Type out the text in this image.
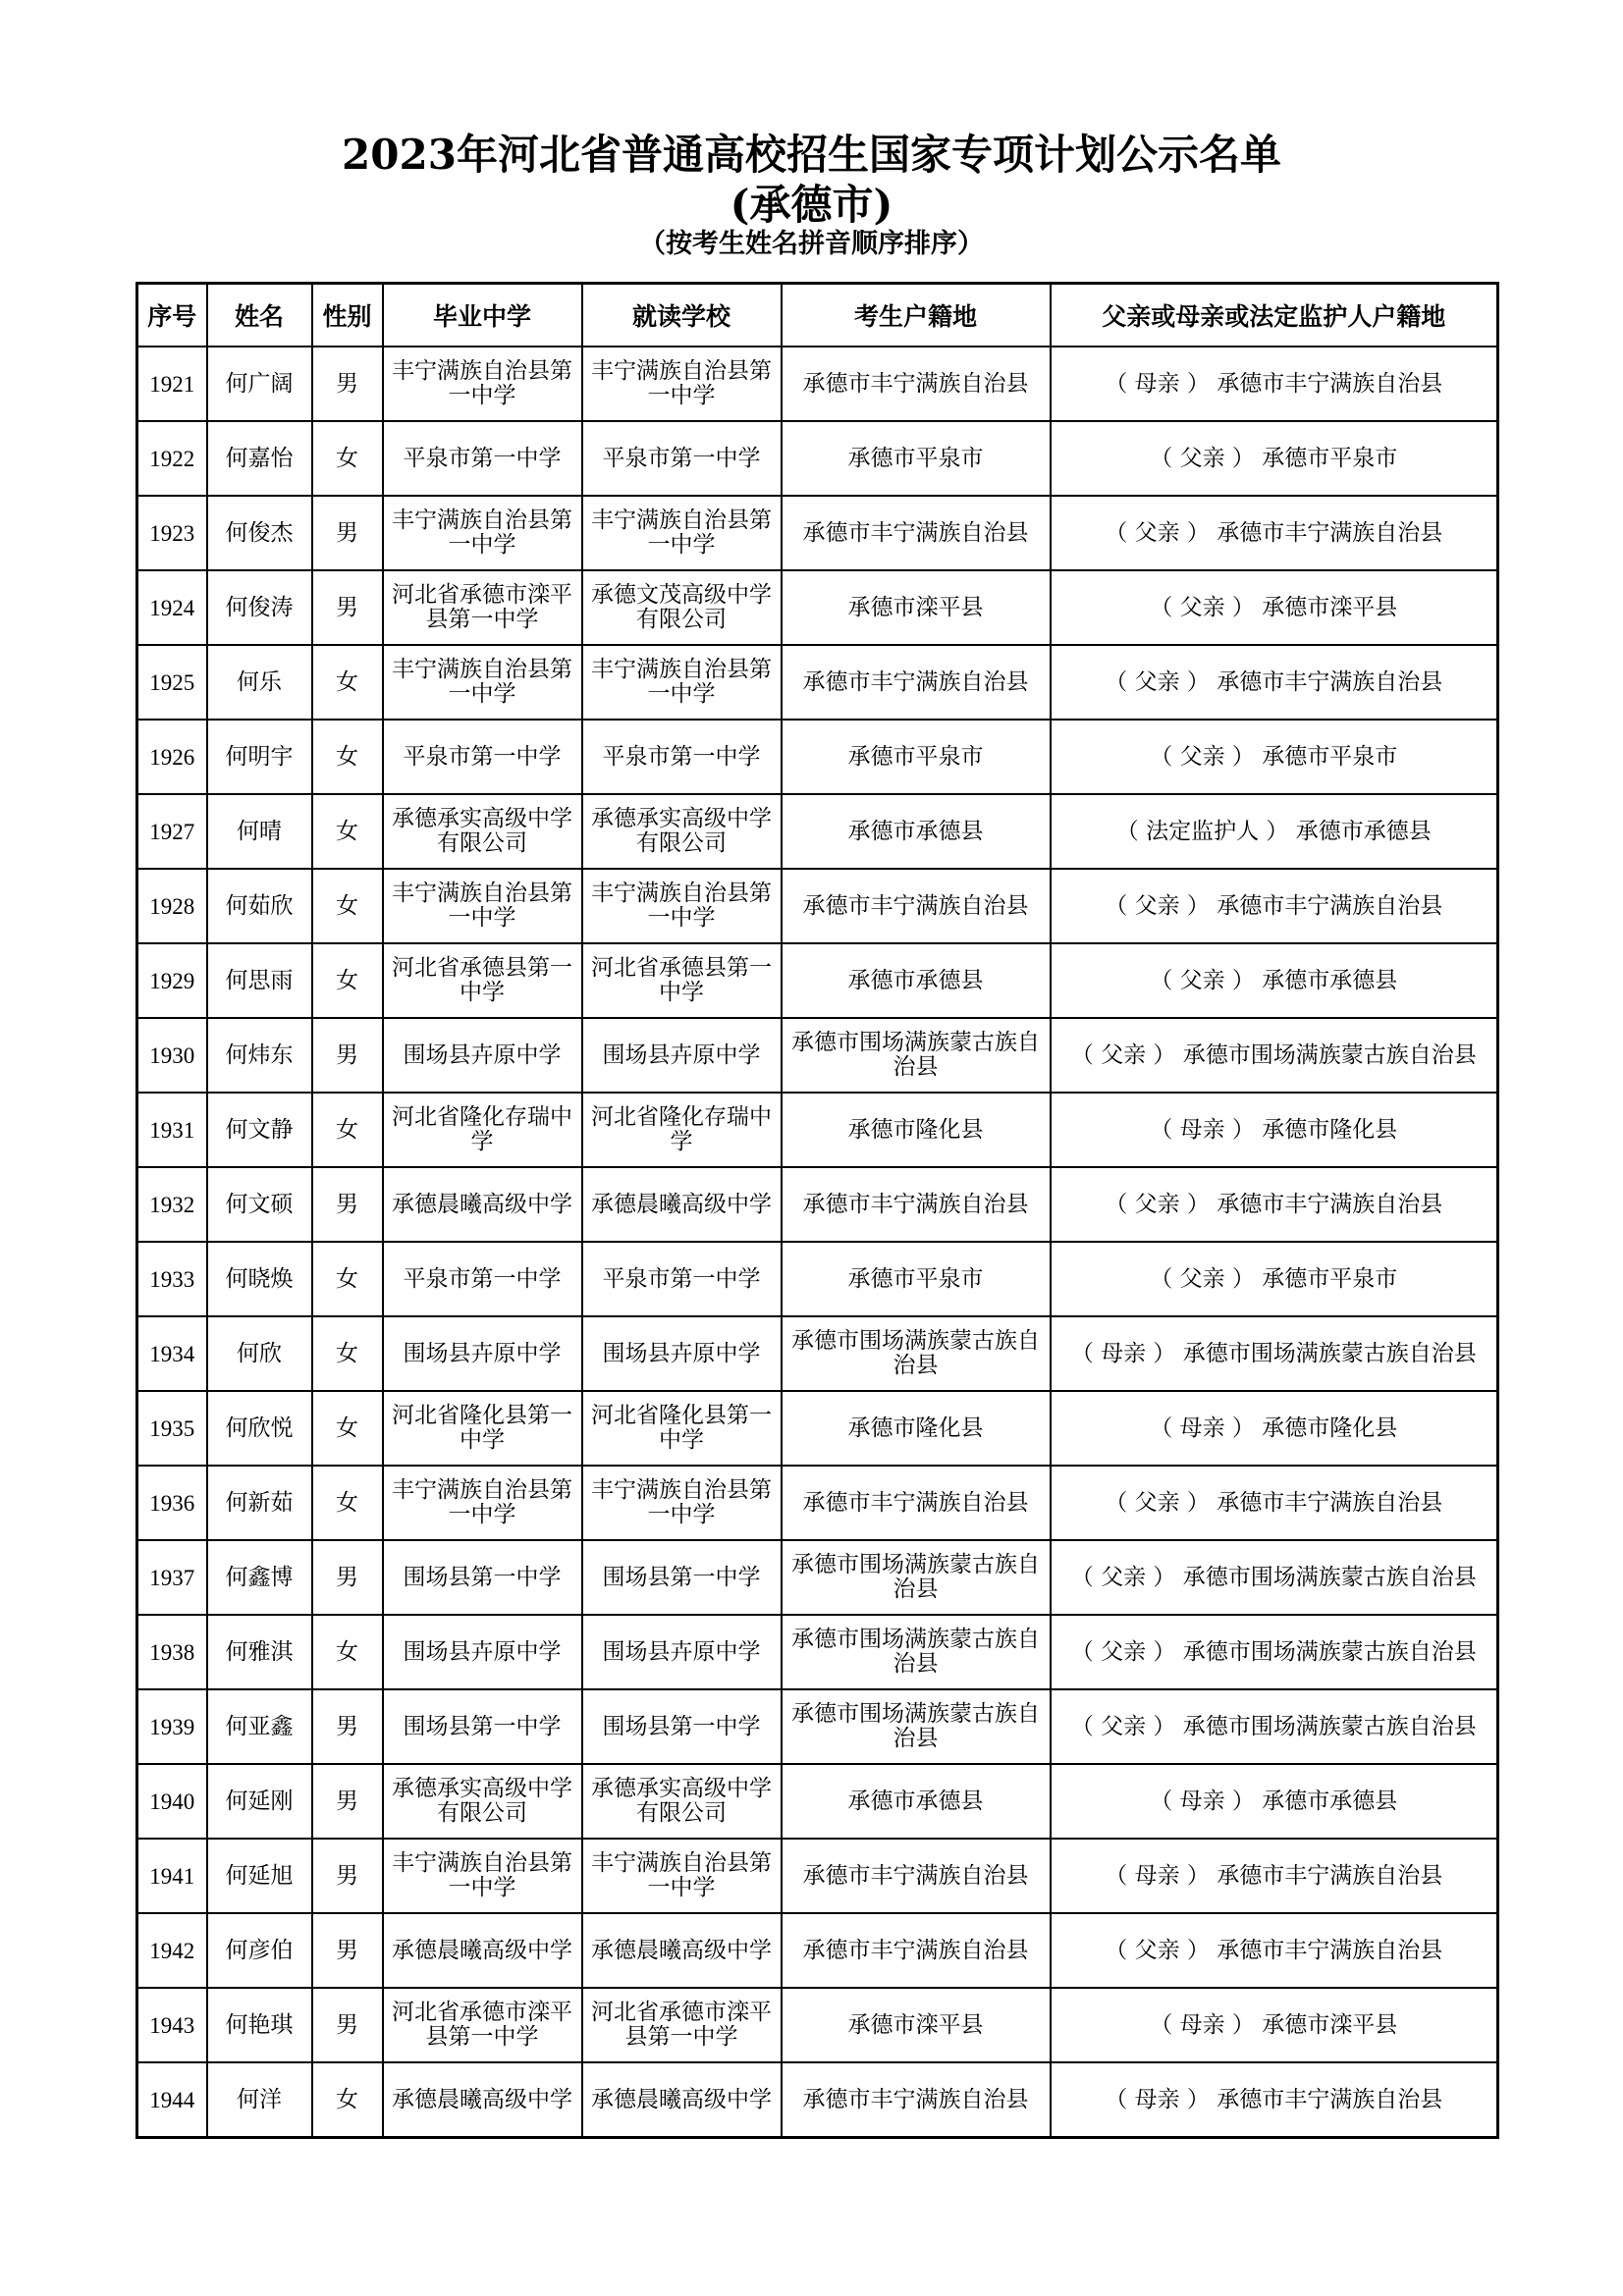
2023年河北省普通高校招生国家专项计划公示名单
(承德市)
（按考生姓名拼音顺序排序）
序号	姓名	性别	毕业中学	就读学校	考生户籍地	父亲或母亲或法定监护人户籍地
1921	何广阔	男	丰宁满族自治县第一中学	丰宁满族自治县第一中学	承德市丰宁满族自治县	（ 母亲 ） 承德市丰宁满族自治县
1922	何嘉怡	女	平泉市第一中学	平泉市第一中学	承德市平泉市	（ 父亲 ） 承德市平泉市
1923	何俊杰	男	丰宁满族自治县第一中学	丰宁满族自治县第一中学	承德市丰宁满族自治县	（ 父亲 ） 承德市丰宁满族自治县
1924	何俊涛	男	河北省承德市滦平县第一中学	承德文茂高级中学有限公司	承德市滦平县	（ 父亲 ） 承德市滦平县
1925	何乐	女	丰宁满族自治县第一中学	丰宁满族自治县第一中学	承德市丰宁满族自治县	（ 父亲 ） 承德市丰宁满族自治县
1926	何明宇	女	平泉市第一中学	平泉市第一中学	承德市平泉市	（ 父亲 ） 承德市平泉市
1927	何晴	女	承德承实高级中学有限公司	承德承实高级中学有限公司	承德市承德县	（ 法定监护人 ） 承德市承德县
1928	何茹欣	女	丰宁满族自治县第一中学	丰宁满族自治县第一中学	承德市丰宁满族自治县	（ 父亲 ） 承德市丰宁满族自治县
1929	何思雨	女	河北省承德县第一中学	河北省承德县第一中学	承德市承德县	（ 父亲 ） 承德市承德县
1930	何炜东	男	围场县卉原中学	围场县卉原中学	承德市围场满族蒙古族自治县	（ 父亲 ） 承德市围场满族蒙古族自治县
1931	何文静	女	河北省隆化存瑞中学	河北省隆化存瑞中学	承德市隆化县	（ 母亲 ） 承德市隆化县
1932	何文硕	男	承德晨曦高级中学	承德晨曦高级中学	承德市丰宁满族自治县	（ 父亲 ） 承德市丰宁满族自治县
1933	何晓焕	女	平泉市第一中学	平泉市第一中学	承德市平泉市	（ 父亲 ） 承德市平泉市
1934	何欣	女	围场县卉原中学	围场县卉原中学	承德市围场满族蒙古族自治县	（ 母亲 ） 承德市围场满族蒙古族自治县
1935	何欣悦	女	河北省隆化县第一中学	河北省隆化县第一中学	承德市隆化县	（ 母亲 ） 承德市隆化县
1936	何新茹	女	丰宁满族自治县第一中学	丰宁满族自治县第一中学	承德市丰宁满族自治县	（ 父亲 ） 承德市丰宁满族自治县
1937	何鑫博	男	围场县第一中学	围场县第一中学	承德市围场满族蒙古族自治县	（ 父亲 ） 承德市围场满族蒙古族自治县
1938	何雅淇	女	围场县卉原中学	围场县卉原中学	承德市围场满族蒙古族自治县	（ 父亲 ） 承德市围场满族蒙古族自治县
1939	何亚鑫	男	围场县第一中学	围场县第一中学	承德市围场满族蒙古族自治县	（ 父亲 ） 承德市围场满族蒙古族自治县
1940	何延刚	男	承德承实高级中学有限公司	承德承实高级中学有限公司	承德市承德县	（ 母亲 ） 承德市承德县
1941	何延旭	男	丰宁满族自治县第一中学	丰宁满族自治县第一中学	承德市丰宁满族自治县	（ 母亲 ） 承德市丰宁满族自治县
1942	何彦伯	男	承德晨曦高级中学	承德晨曦高级中学	承德市丰宁满族自治县	（ 父亲 ） 承德市丰宁满族自治县
1943	何艳琪	男	河北省承德市滦平县第一中学	河北省承德市滦平县第一中学	承德市滦平县	（ 母亲 ） 承德市滦平县
1944	何洋	女	承德晨曦高级中学	承德晨曦高级中学	承德市丰宁满族自治县	（ 母亲 ） 承德市丰宁满族自治县
